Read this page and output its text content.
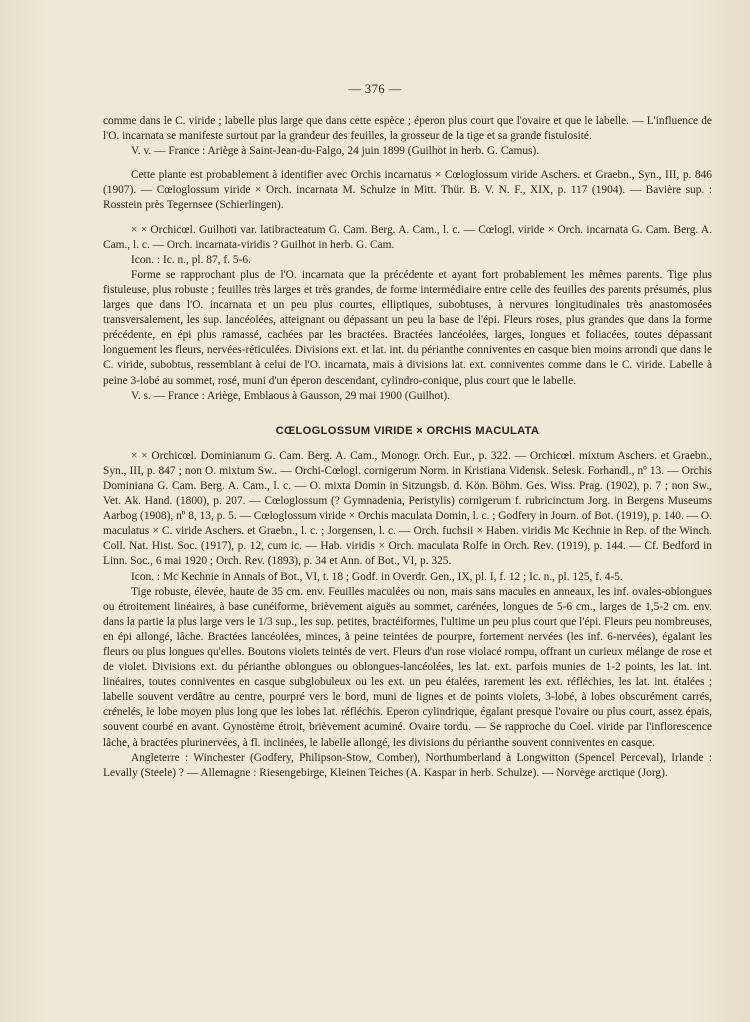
— 376 —

comme dans le C. viride ; labelle plus large que dans cette espèce ; éperon plus court que l'ovaire et que le labelle. — L'influence de l'O. incarnata se manifeste surtout par la grandeur des feuilles, la grosseur de la tige et sa grande fistulosité.

V. v. — France : Ariège à Saint-Jean-du-Falgo, 24 juin 1899 (Guilhot in herb. G. Camus).

Cette plante est probablement à identifier avec Orchis incarnatus × Cœloglossum viride Aschers. et Graebn., Syn., III, p. 846 (1907). — Cœloglossum viride × Orch. incarnata M. Schulze in Mitt. Thür. B. V. N. F., XIX, p. 117 (1904). — Bavière sup. : Rosstein près Tegernsee (Schierlingen).

× × Orchicœl. Guilhoti var. latibracteatum G. Cam. Berg. A. Cam., l. c. — Cœlogl. viride × Orch. incarnata G. Cam. Berg. A. Cam., l. c. — Orch. incarnata-viridis ? Guilhot in herb. G. Cam.

Icon. : Ic. n., pl. 87, f. 5-6.

Forme se rapprochant plus de l'O. incarnata que la précédente et ayant fort probablement les mêmes parents. Tige plus fistuleuse, plus robuste ; feuilles très larges et très grandes, de forme intermédiaire entre celle des feuilles des parents présumés, plus larges que dans l'O. incarnata et un peu plus courtes, elliptiques, subobtuses, à nervures longitudinales très anastomosées transversalement, les sup. lancéolées, atteignant ou dépassant un peu la base de l'épi. Fleurs roses, plus grandes que dans la forme précédente, en épi plus ramassé, cachées par les bractées. Bractées lancéolées, larges, longues et foliacées, toutes dépassant longuement les fleurs, nervées-réticulées. Divisions ext. et lat. int. du périanthe conniventes en casque bien moins arrondi que dans le C. viride, subobtus, ressemblant à celui de l'O. incarnata, mais à divisions lat. ext. conniventes comme dans le C. viride. Labelle à peine 3-lobé au sommet, rosé, muni d'un éperon descendant, cylindro-conique, plus court que le labelle.

V. s. — France : Ariège, Emblaous à Gausson, 29 mai 1900 (Guilhot).

CŒLOGLOSSUM VIRIDE × ORCHIS MACULATA

× × Orchicœl. Dominianum G. Cam. Berg. A. Cam., Monogr. Orch. Eur., p. 322. — Orchicœl. mixtum Aschers. et Graebn., Syn., III, p. 847 ; non O. mixtum Sw.. — Orchi-Cœlogl. cornigerum Norm. in Kristiana Vidensk. Selesk. Forhandl., nº 13. — Orchis Dominiana G. Cam. Berg. A. Cam., l. c. — O. mixta Domin in Sitzungsb. d. Kön. Böhm. Ges. Wiss. Prag. (1902), p. 7 ; non Sw., Vet. Ak. Hand. (1800), p. 207. — Cœloglossum (? Gymnadenia, Peristylis) cornigerum f. rubricinctum Jorg. in Bergens Museums Aarbog (1908), nº 8, 13, p. 5. — Cœloglossum viride × Orchis maculata Domin, l. c. ; Godfery in Journ. of Bot. (1919), p. 140. — O. maculatus × C. viride Aschers. et Graebn., l. c. ; Jorgensen, l. c. — Orch. fuchsii × Haben. viridis Mc Kechnie in Rep. of the Winch. Coll. Nat. Hist. Soc. (1917), p. 12, cum ic. — Hab. viridis × Orch. maculata Rolfe in Orch. Rev. (1919), p. 144. — Cf. Bedford in Linn. Soc., 6 mai 1920 ; Orch. Rev. (1893), p. 34 et Ann. of Bot., VI, p. 325.

Icon. : Mc Kechnie in Annals of Bot., VI, t. 18 ; Godf. in Overdr. Gen., IX, pl. I, f. 12 ; Ic. n., pl. 125, f. 4-5.

Tige robuste, élevée, haute de 35 cm. env. Feuilles maculées ou non, mais sans macules en anneaux, les inf. ovales-oblongues ou étroitement linéaires, à base cunéiforme, brièvement aiguës au sommet, carénées, longues de 5-6 cm., larges de 1,5-2 cm. env. dans la partie la plus large vers le 1/3 sup., les sup. petites, bractéiformes, l'ultime un peu plus court que l'épi. Fleurs peu nombreuses, en épi allongé, lâche. Bractées lancéolées, minces, à peine teintées de pourpre, fortement nervées (les inf. 6-nervées), égalant les fleurs ou plus longues qu'elles. Boutons violets teintés de vert. Fleurs d'un rose violacé rompu, offrant un curieux mélange de rose et de violet. Divisions ext. du périanthe oblongues ou oblongues-lancéolées, les lat. ext. parfois munies de 1-2 points, les lat. int. linéaires, toutes conniventes en casque subglobuleux ou les ext. un peu étalées, rarement les ext. réfléchies, les lat. int. étalées ; labelle souvent verdâtre au centre, pourpré vers le bord, muni de lignes et de points violets, 3-lobé, à lobes obscurément carrés, crénelés, le lobe moyen plus long que les lobes lat. réfléchis. Eperon cylindrique, égalant presque l'ovaire ou plus court, assez épais, souvent courbé en avant. Gynostème étroit, brièvement acuminé. Ovaire tordu. — Se rapproche du Coel. viride par l'inflorescence lâche, à bractées plurinervées, à fl. inclinées, le labelle allongé, les divisions du périanthe souvent conniventes en casque.

Angleterre : Winchester (Godfery, Philipson-Stow, Comber), Northumberland à Longwitton (Spencel Perceval), Irlande : Levally (Steele) ? — Allemagne : Riesengebirge, Kleinen Teiches (A. Kaspar in herb. Schulze). — Norvège arctique (Jorg).
